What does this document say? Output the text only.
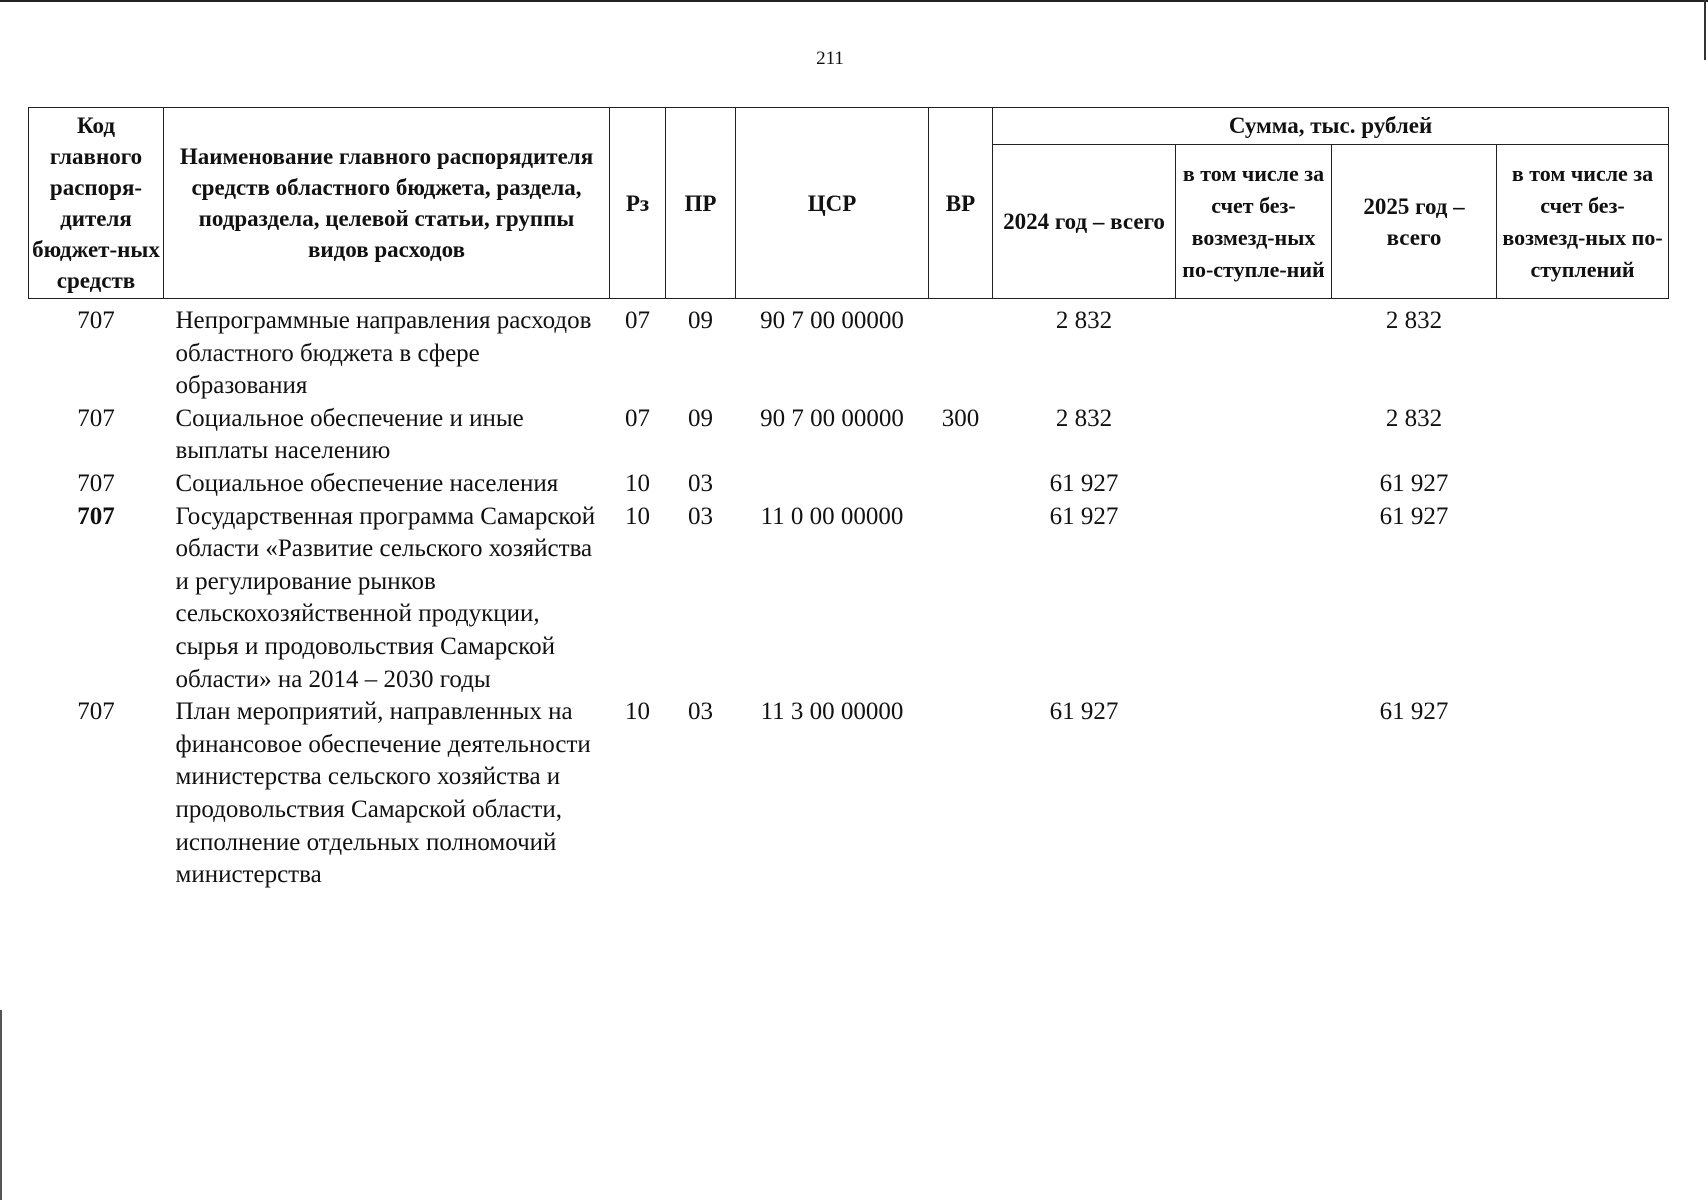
211
Код главного распоря-дителя бюджет-ных средств	Наименование главного распорядителя средств областного бюджета, раздела, подраздела, целевой статьи, группы видов расходов	Рз	ПР	ЦСР	ВР	Сумма, тыс. рублей			
						2024 год – всего	в том числе за счет без-возмезд-ных по-ступле-ний	2025 год – всего	в том числе за счет без-возмезд-ных по-ступлений
707	Непрограммные направления расходов областного бюджета в сфере образования	07	09	90 7 00 00000		2 832		2 832	
707	Социальное обеспечение и иные выплаты населению	07	09	90 7 00 00000	300	2 832		2 832	
707	Социальное обеспечение населения	10	03			61 927		61 927	
707	Государственная программа Самарской области «Развитие сельского хозяйства и регулирование рынков сельскохозяйственной продукции, сырья и продовольствия Самарской области» на 2014 – 2030 годы	10	03	11 0 00 00000		61 927		61 927	
707	План мероприятий, направленных на финансовое обеспечение деятельности министерства сельского хозяйства и продовольствия Самарской области, исполнение отдельных полномочий министерства	10	03	11 3 00 00000		61 927		61 927	
